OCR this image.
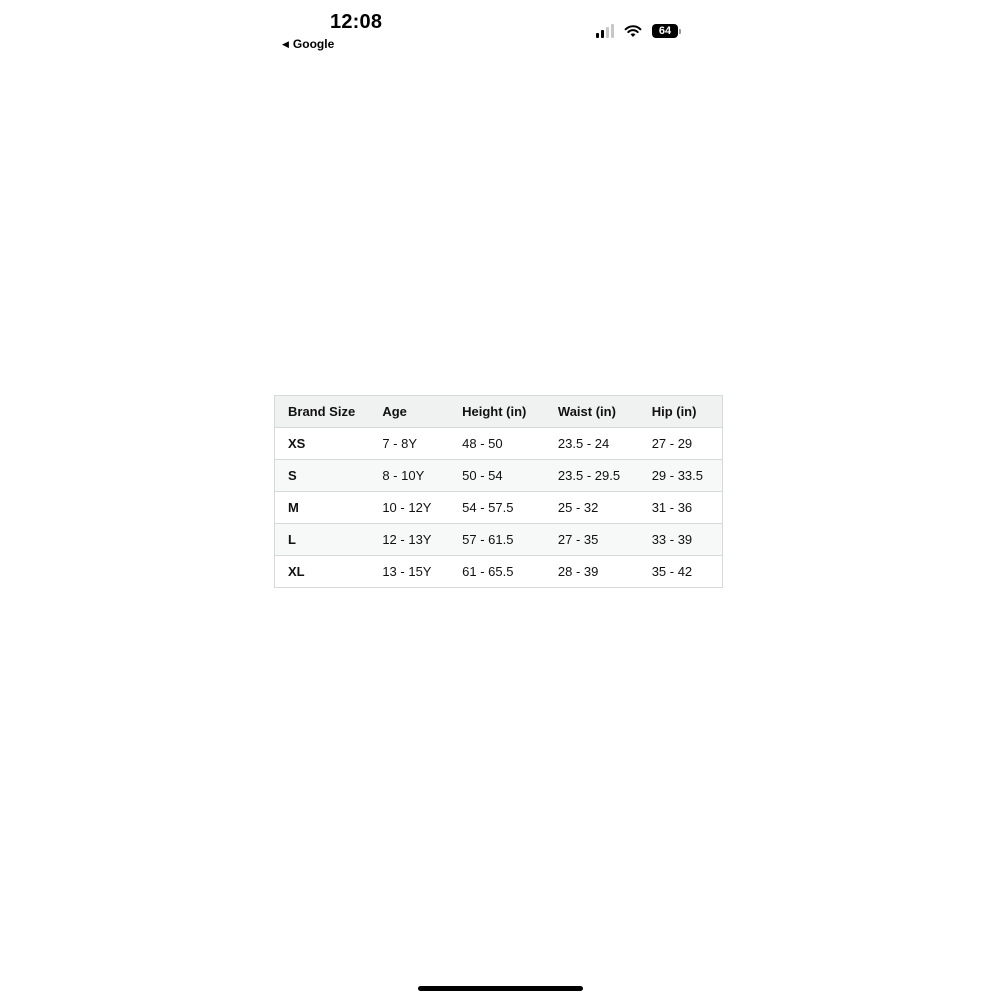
12:08
◀ Google
64
Brand Size	Age	Height (in)	Waist (in)	Hip (in)
XS	7 - 8Y	48 - 50	23.5 - 24	27 - 29
S	8 - 10Y	50 - 54	23.5 - 29.5	29 - 33.5
M	10 - 12Y	54 - 57.5	25 - 32	31 - 36
L	12 - 13Y	57 - 61.5	27 - 35	33 - 39
XL	13 - 15Y	61 - 65.5	28 - 39	35 - 42
